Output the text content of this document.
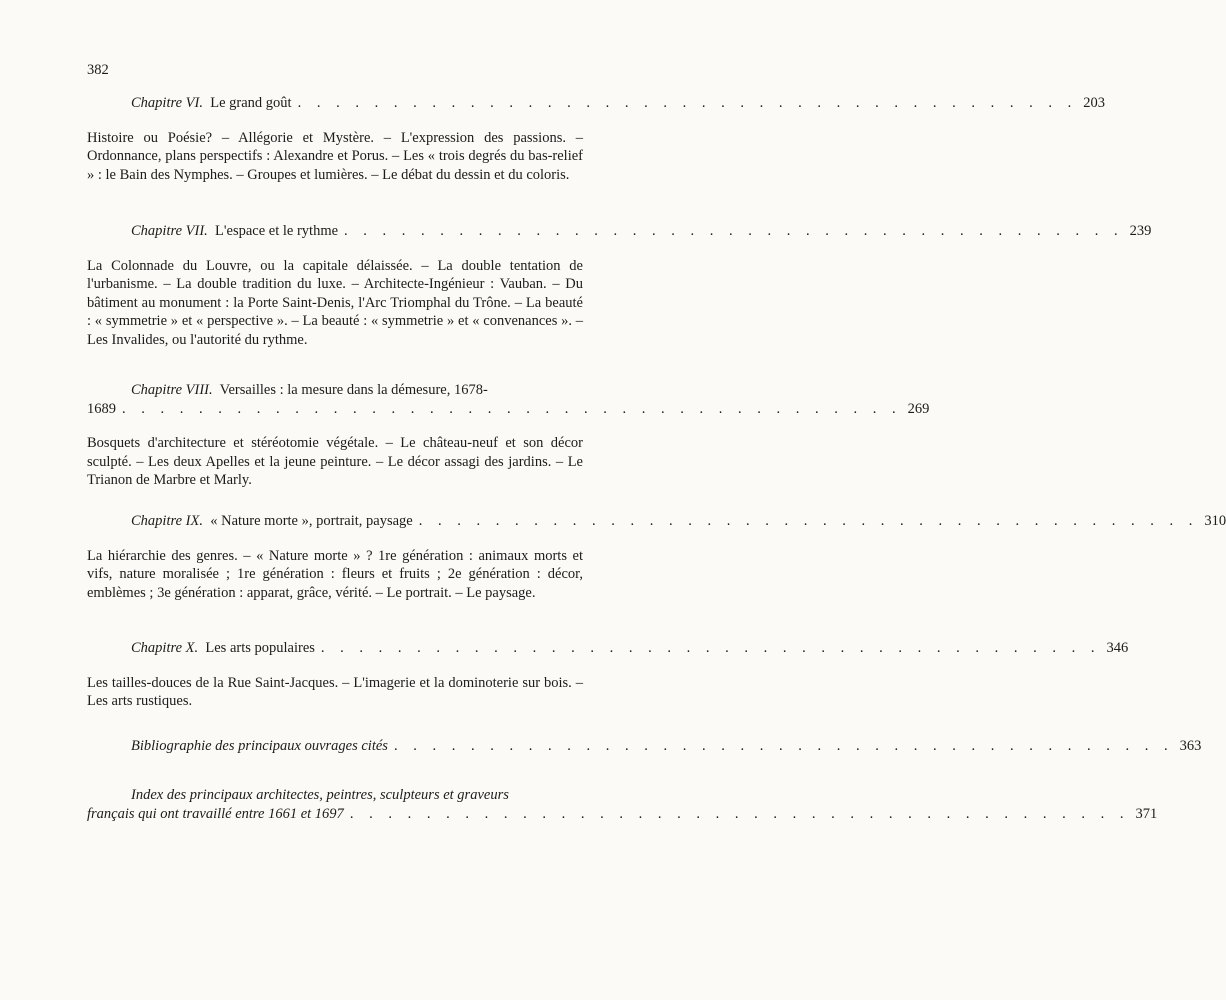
382
Chapitre VI. Le grand goût . . . . . . . . . . . . . . . . . . . . . . . . . . . . . . . . . . . . . . . . . 203

Histoire ou Poésie? – Allégorie et Mystère. – L'expression des passions. – Ordonnance, plans perspectifs : Alexandre et Porus. – Les « trois degrés du bas-relief » : le Bain des Nymphes. – Groupes et lumières. – Le débat du dessin et du coloris.

Chapitre VII. L'espace et le rythme . . . . . . . . . . . . . . . . . . . . . . . . . . . . . . . . . . . . . . . . . 239

La Colonnade du Louvre, ou la capitale délaissée. – La double tentation de l'urbanisme. – La double tradition du luxe. – Architecte-Ingénieur : Vauban. – Du bâtiment au monument : la Porte Saint-Denis, l'Arc Triomphal du Trône. – La beauté : « symmetrie » et « perspective ». – La beauté : « symmetrie » et « convenances ». – Les Invalides, ou l'autorité du rythme.

Chapitre VIII. Versailles : la mesure dans la démesure, 1678-
1689 . . . . . . . . . . . . . . . . . . . . . . . . . . . . . . . . . . . . . . . . . 269

Bosquets d'architecture et stéréotomie végétale. – Le château-neuf et son décor sculpté. – Les deux Apelles et la jeune peinture. – Le décor assagi des jardins. – Le Trianon de Marbre et Marly.

Chapitre IX. « Nature morte », portrait, paysage . . . . . . . . . . . . . . . . . . . . . . . . . . . . . . . . . . . . . . . . . 310

La hiérarchie des genres. – « Nature morte » ? 1re génération : animaux morts et vifs, nature moralisée ; 1re génération : fleurs et fruits ; 2e génération : décor, emblèmes ; 3e génération : apparat, grâce, vérité. – Le portrait. – Le paysage.

Chapitre X. Les arts populaires . . . . . . . . . . . . . . . . . . . . . . . . . . . . . . . . . . . . . . . . . 346

Les tailles-douces de la Rue Saint-Jacques. – L'imagerie et la dominoterie sur bois. – Les arts rustiques.

Bibliographie des principaux ouvrages cités . . . . . . . . . . . . . . . . . . . . . . . . . . . . . . . . . . . . . . . . . 363
Index des principaux architectes, peintres, sculpteurs et graveurs
français qui ont travaillé entre 1661 et 1697 . . . . . . . . . . . . . . . . . . . . . . . . . . . . . . . . . . . . . . . . . 371
